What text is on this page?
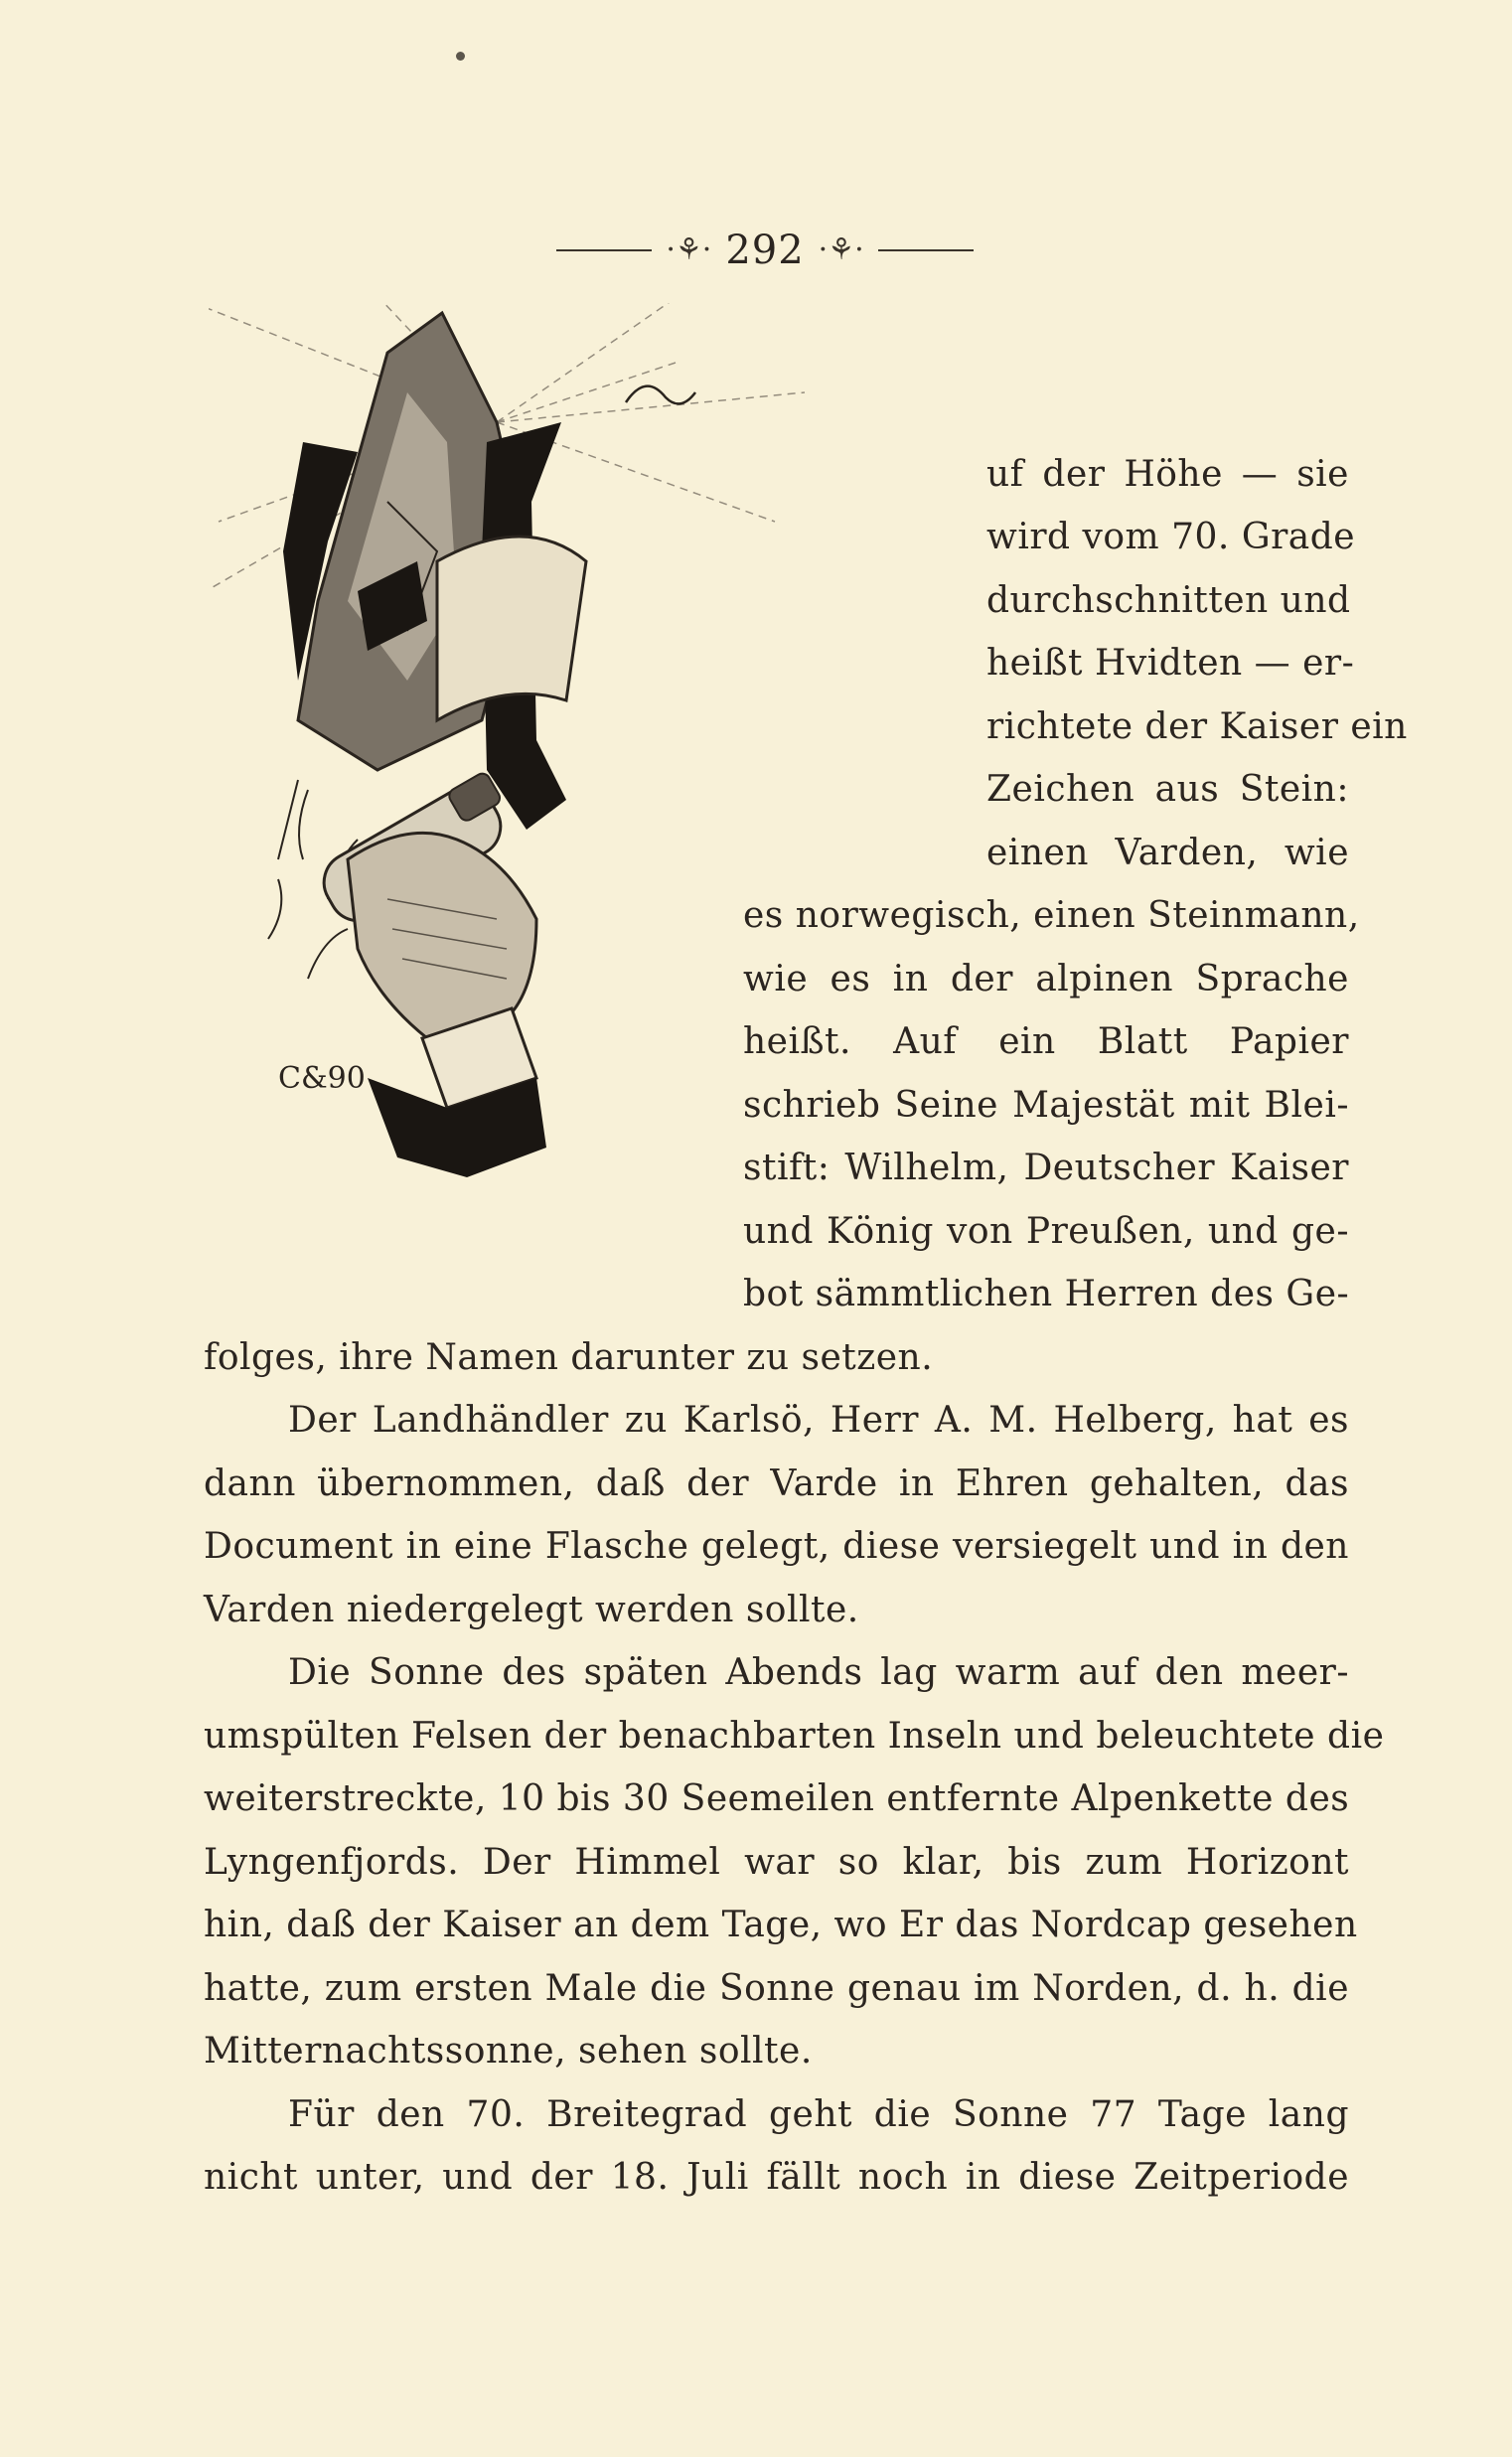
·⚘· 292 ·⚘·
C&90
uf der Höhe — sie
wird vom 70. Grade
durchschnitten und
heißt Hvidten — er-
richtete der Kaiser ein
Zeichen aus Stein:
einen Varden, wie
es norwegisch, einen Steinmann,
wie es in der alpinen Sprache
heißt. Auf ein Blatt Papier
schrieb Seine Majestät mit Blei-
stift: Wilhelm, Deutscher Kaiser
und König von Preußen, und ge-
bot sämmtlichen Herren des Ge-
folges, ihre Namen darunter zu setzen.
Der Landhändler zu Karlsö, Herr A. M. Helberg, hat es
dann übernommen, daß der Varde in Ehren gehalten, das
Document in eine Flasche gelegt, diese versiegelt und in den
Varden niedergelegt werden sollte.
Die Sonne des späten Abends lag warm auf den meer-
umspülten Felsen der benachbarten Inseln und beleuchtete die
weiterstreckte, 10 bis 30 Seemeilen entfernte Alpenkette des
Lyngenfjords. Der Himmel war so klar, bis zum Horizont
hin, daß der Kaiser an dem Tage, wo Er das Nordcap gesehen
hatte, zum ersten Male die Sonne genau im Norden, d. h. die
Mitternachtssonne, sehen sollte.
Für den 70. Breitegrad geht die Sonne 77 Tage lang
nicht unter, und der 18. Juli fällt noch in diese Zeitperiode
